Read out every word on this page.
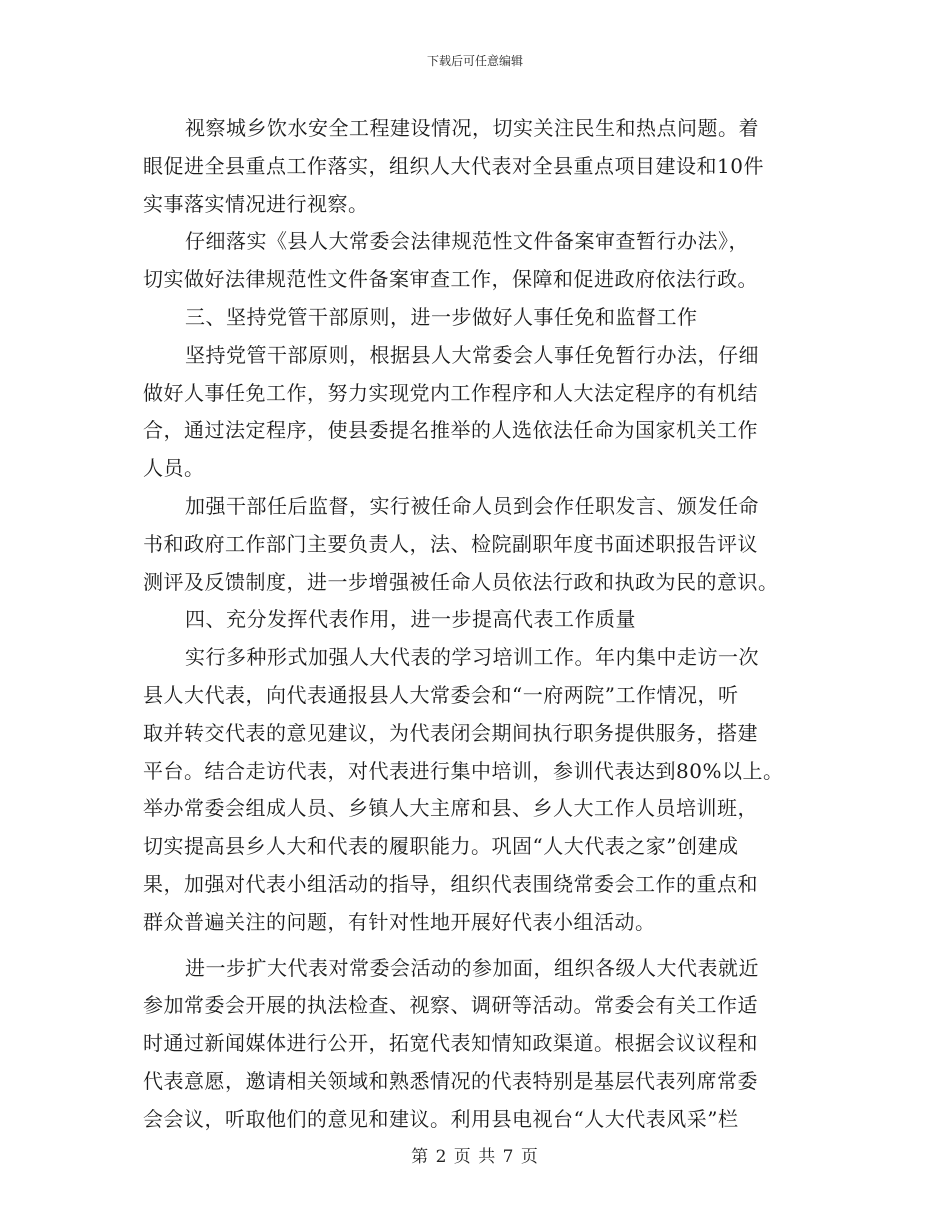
下载后可任意编辑
视察城乡饮水安全工程建设情况，切实关注民生和热点问题。着
眼促进全县重点工作落实，组织人大代表对全县重点项目建设和10件
实事落实情况进行视察。
仔细落实《县人大常委会法律规范性文件备案审查暂行办法》，
切实做好法律规范性文件备案审查工作，保障和促进政府依法行政。
三、坚持党管干部原则，进一步做好人事任免和监督工作
坚持党管干部原则，根据县人大常委会人事任免暂行办法，仔细
做好人事任免工作，努力实现党内工作程序和人大法定程序的有机结
合，通过法定程序，使县委提名推举的人选依法任命为国家机关工作
人员。
加强干部任后监督，实行被任命人员到会作任职发言、颁发任命
书和政府工作部门主要负责人，法、检院副职年度书面述职报告评议
测评及反馈制度，进一步增强被任命人员依法行政和执政为民的意识。
四、充分发挥代表作用，进一步提高代表工作质量
实行多种形式加强人大代表的学习培训工作。年内集中走访一次
县人大代表，向代表通报县人大常委会和“一府两院”工作情况，听
取并转交代表的意见建议，为代表闭会期间执行职务提供服务，搭建
平台。结合走访代表，对代表进行集中培训，参训代表达到80%以上。
举办常委会组成人员、乡镇人大主席和县、乡人大工作人员培训班，
切实提高县乡人大和代表的履职能力。巩固“人大代表之家”创建成
果，加强对代表小组活动的指导，组织代表围绕常委会工作的重点和
群众普遍关注的问题，有针对性地开展好代表小组活动。
进一步扩大代表对常委会活动的参加面，组织各级人大代表就近
参加常委会开展的执法检查、视察、调研等活动。常委会有关工作适
时通过新闻媒体进行公开，拓宽代表知情知政渠道。根据会议议程和
代表意愿，邀请相关领域和熟悉情况的代表特别是基层代表列席常委
会会议，听取他们的意见和建议。利用县电视台“人大代表风采”栏
第 2 页 共 7 页
